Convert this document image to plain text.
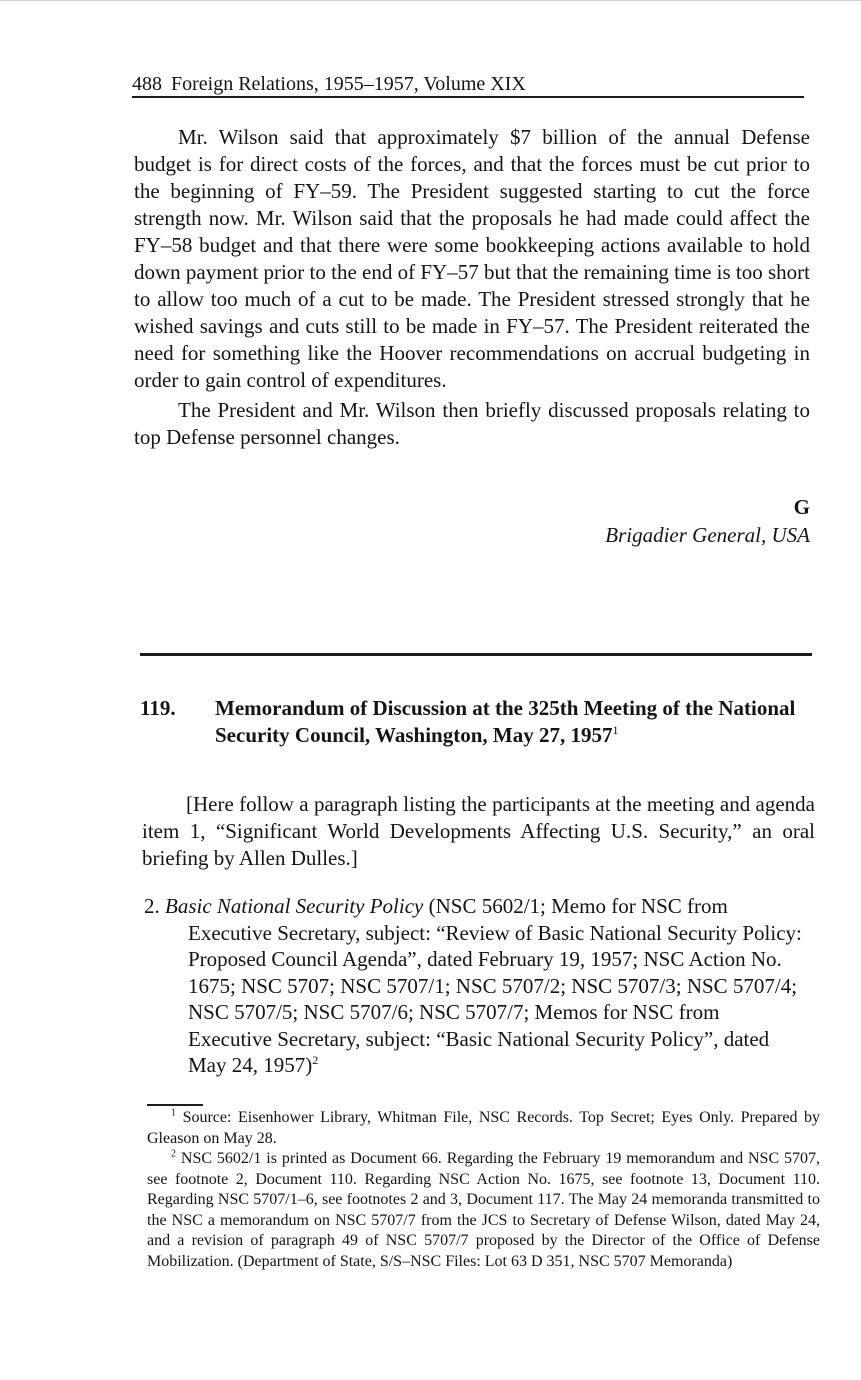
488 Foreign Relations, 1955–1957, Volume XIX

Mr. Wilson said that approximately $7 billion of the annual Defense budget is for direct costs of the forces, and that the forces must be cut prior to the beginning of FY–59. The President suggested starting to cut the force strength now. Mr. Wilson said that the proposals he had made could affect the FY–58 budget and that there were some bookkeeping actions available to hold down payment prior to the end of FY–57 but that the remaining time is too short to allow too much of a cut to be made. The President stressed strongly that he wished savings and cuts still to be made in FY–57. The President reiterated the need for something like the Hoover recommendations on accrual budgeting in order to gain control of expenditures.

The President and Mr. Wilson then briefly discussed proposals relating to top Defense personnel changes.

G
Brigadier General, USA
119. Memorandum of Discussion at the 325th Meeting of the National Security Council, Washington, May 27, 1957$^1$

[Here follow a paragraph listing the participants at the meeting and agenda item 1, “Significant World Developments Affecting U.S. Security,” an oral briefing by Allen Dulles.]

2. Basic National Security Policy (NSC 5602/1; Memo for NSC from Executive Secretary, subject: “Review of Basic National Security Policy: Proposed Council Agenda”, dated February 19, 1957; NSC Action No. 1675; NSC 5707; NSC 5707/1; NSC 5707/2; NSC 5707/3; NSC 5707/4; NSC 5707/5; NSC 5707/6; NSC 5707/7; Memos for NSC from Executive Secretary, subject: “Basic National Security Policy”, dated May 24, 1957)$^2$

$^1$ Source: Eisenhower Library, Whitman File, NSC Records. Top Secret; Eyes Only. Prepared by Gleason on May 28.

$^2$ NSC 5602/1 is printed as Document 66. Regarding the February 19 memorandum and NSC 5707, see footnote 2, Document 110. Regarding NSC Action No. 1675, see footnote 13, Document 110. Regarding NSC 5707/1–6, see footnotes 2 and 3, Document 117. The May 24 memoranda transmitted to the NSC a memorandum on NSC 5707/7 from the JCS to Secretary of Defense Wilson, dated May 24, and a revision of paragraph 49 of NSC 5707/7 proposed by the Director of the Office of Defense Mobilization. (Department of State, S/S–NSC Files: Lot 63 D 351, NSC 5707 Memoranda)
